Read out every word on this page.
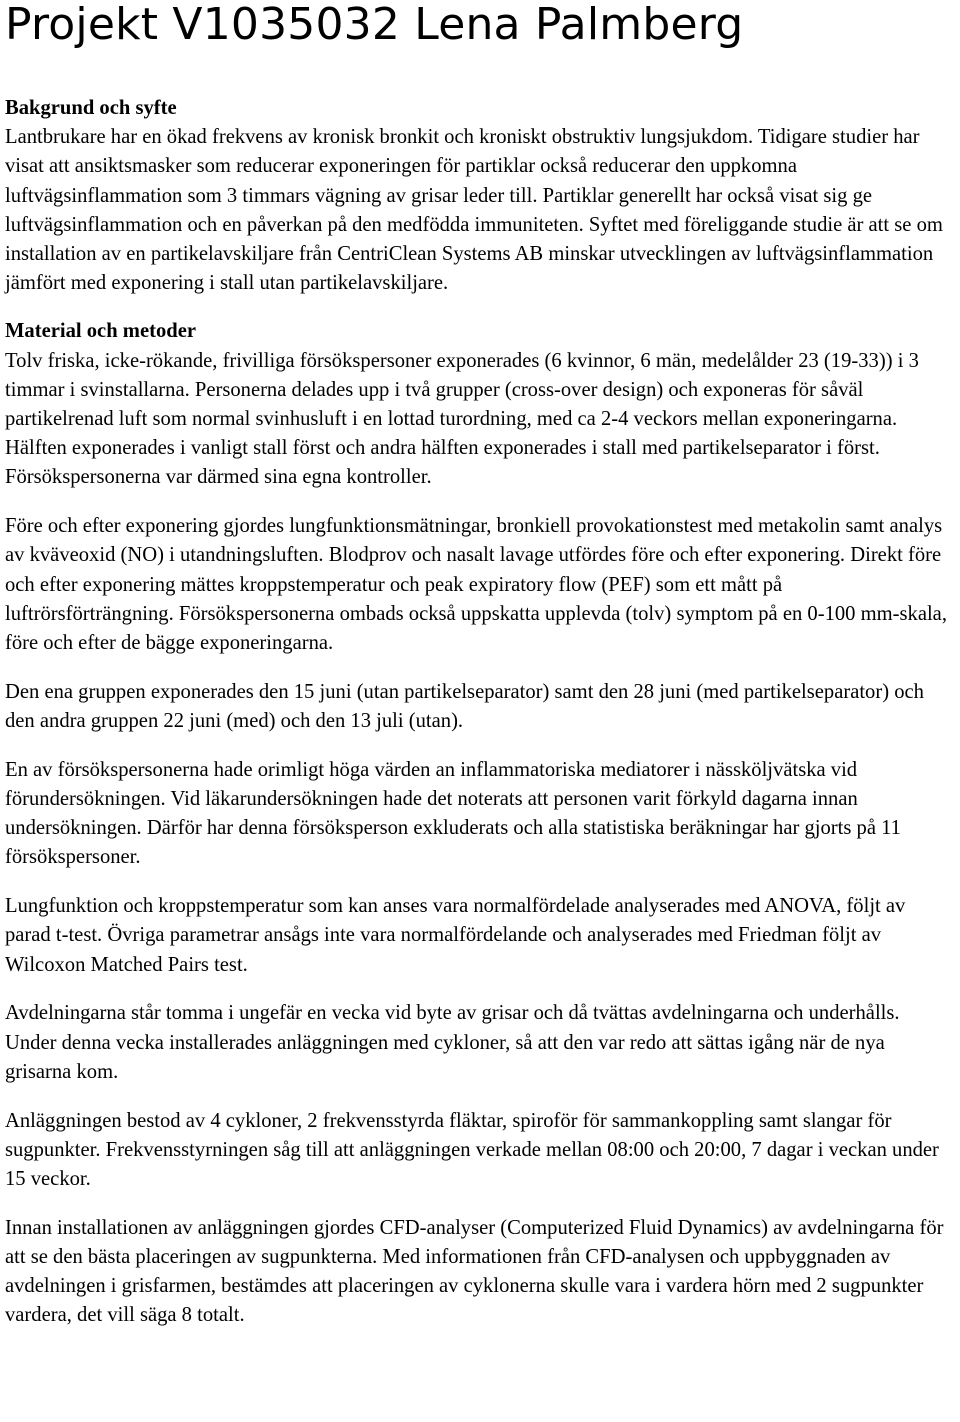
Projekt V1035032 Lena Palmberg

Bakgrund och syfte

Lantbrukare har en ökad frekvens av kronisk bronkit och kroniskt obstruktiv lungsjukdom. Tidigare studier har visat att ansiktsmasker som reducerar exponeringen för partiklar också reducerar den uppkomna luftvägsinflammation som 3 timmars vägning av grisar leder till. Partiklar generellt har också visat sig ge luftvägsinflammation och en påverkan på den medfödda immuniteten. Syftet med föreliggande studie är att se om installation av en partikelavskiljare från CentriClean Systems AB minskar utvecklingen av luftvägsinflammation jämfört med exponering i stall utan partikelavskiljare.

Material och metoder

Tolv friska, icke-rökande, frivilliga försökspersoner exponerades (6 kvinnor, 6 män, medelålder 23 (19-33)) i 3 timmar i svinstallarna. Personerna delades upp i två grupper (cross-over design) och exponeras för såväl partikelrenad luft som normal svinhusluft i en lottad turordning, med ca 2-4 veckors mellan exponeringarna. Hälften exponerades i vanligt stall först och andra hälften exponerades i stall med partikelseparator i först. Försökspersonerna var därmed sina egna kontroller.

Före och efter exponering gjordes lungfunktionsmätningar, bronkiell provokationstest med metakolin samt analys av kväveoxid (NO) i utandningsluften. Blodprov och nasalt lavage utfördes före och efter exponering. Direkt före och efter exponering mättes kroppstemperatur och peak expiratory flow (PEF) som ett mått på luftrörsförträngning. Försökspersonerna ombads också uppskatta upplevda (tolv) symptom på en 0-100 mm-skala, före och efter de bägge exponeringarna.

Den ena gruppen exponerades den 15 juni (utan partikelseparator) samt den 28 juni (med partikelseparator) och den andra gruppen 22 juni (med) och den 13 juli (utan).

En av försökspersonerna hade orimligt höga värden an inflammatoriska mediatorer i nässköljvätska vid förundersökningen. Vid läkarundersökningen hade det noterats att personen varit förkyld dagarna innan undersökningen. Därför har denna försöksperson exkluderats och alla statistiska beräkningar har gjorts på 11 försökspersoner.

Lungfunktion och kroppstemperatur som kan anses vara normalfördelade analyserades med ANOVA, följt av parad t-test. Övriga parametrar ansågs inte vara normalfördelande och analyserades med Friedman följt av Wilcoxon Matched Pairs test.

Avdelningarna står tomma i ungefär en vecka vid byte av grisar och då tvättas avdelningarna och underhålls. Under denna vecka installerades anläggningen med cykloner, så att den var redo att sättas igång när de nya grisarna kom.

Anläggningen bestod av 4 cykloner, 2 frekvensstyrda fläktar, spiroför för sammankoppling samt slangar för sugpunkter. Frekvensstyrningen såg till att anläggningen verkade mellan 08:00 och 20:00, 7 dagar i veckan under 15 veckor.

Innan installationen av anläggningen gjordes CFD-analyser (Computerized Fluid Dynamics) av avdelningarna för att se den bästa placeringen av sugpunkterna. Med informationen från CFD-analysen och uppbyggnaden av avdelningen i grisfarmen, bestämdes att placeringen av cyklonerna skulle vara i vardera hörn med 2 sugpunkter vardera, det vill säga 8 totalt.
